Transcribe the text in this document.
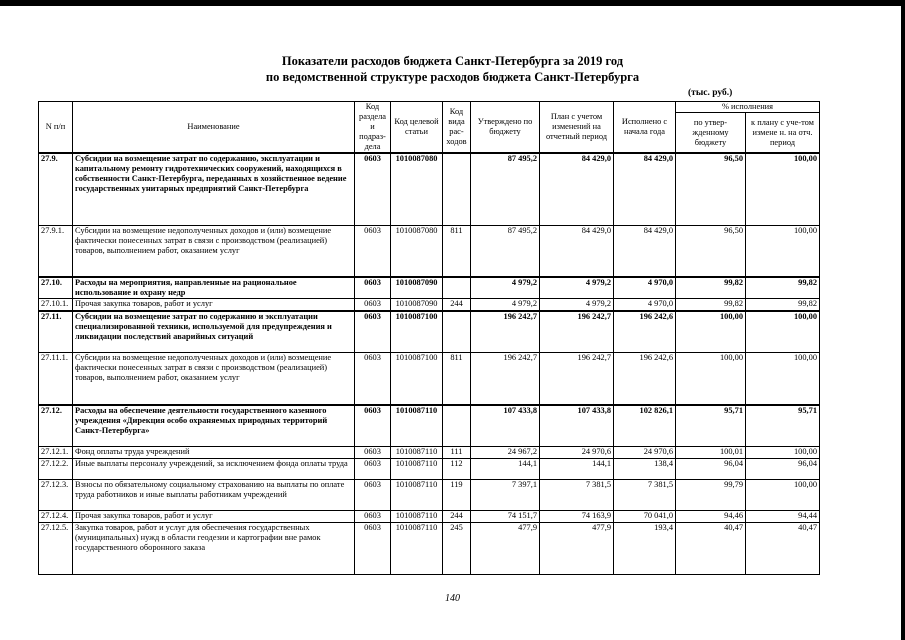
Показатели расходов бюджета Санкт-Петербурга за 2019 год
по ведомственной структуре расходов бюджета Санкт-Петербурга
(тыс. руб.)
N п/п	Наименование	Код раздела и подраз-дела	Код целевой статьи	Код вида рас-ходов	Утверждено по бюджету	План с учетом изменений на отчетный период	Исполнено с начала года	% исполнения	
								по утвер-жденному бюджету	к плану с уче-том измене н. на отч. период
27.9.	Субсидии на возмещение затрат по содержанию, эксплуатации и капитальному ремонту гидротехнических сооружений, находящихся в собственности Санкт-Петербурга, переданных в хозяйственное ведение государственных унитарных предприятий Санкт-Петербурга	0603	1010087080		87 495,2	84 429,0	84 429,0	96,50	100,00
27.9.1.	Субсидии на возмещение недополученных доходов и (или) возмещение фактически понесенных затрат в связи с производством (реализацией) товаров, выполнением работ, оказанием услуг	0603	1010087080	811	87 495,2	84 429,0	84 429,0	96,50	100,00
27.10.	Расходы на мероприятия, направленные на рациональное использование и охрану недр	0603	1010087090		4 979,2	4 979,2	4 970,0	99,82	99,82
27.10.1.	Прочая закупка товаров, работ и услуг	0603	1010087090	244	4 979,2	4 979,2	4 970,0	99,82	99,82
27.11.	Субсидии на возмещение затрат по содержанию и эксплуатации специализированной техники, используемой для предупреждения и ликвидации последствий аварийных ситуаций	0603	1010087100		196 242,7	196 242,7	196 242,6	100,00	100,00
27.11.1.	Субсидии на возмещение недополученных доходов и (или) возмещение фактически понесенных затрат в связи с производством (реализацией) товаров, выполнением работ, оказанием услуг	0603	1010087100	811	196 242,7	196 242,7	196 242,6	100,00	100,00
27.12.	Расходы на обеспечение деятельности государственного казенного учреждения «Дирекция особо охраняемых природных территорий Санкт-Петербурга»	0603	1010087110		107 433,8	107 433,8	102 826,1	95,71	95,71
27.12.1.	Фонд оплаты труда учреждений	0603	1010087110	111	24 967,2	24 970,6	24 970,6	100,01	100,00
27.12.2.	Иные выплаты персоналу учреждений, за исключением фонда оплаты труда	0603	1010087110	112	144,1	144,1	138,4	96,04	96,04
27.12.3.	Взносы по обязательному социальному страхованию на выплаты по оплате труда работников и иные выплаты работникам учреждений	0603	1010087110	119	7 397,1	7 381,5	7 381,5	99,79	100,00
27.12.4.	Прочая закупка товаров, работ и услуг	0603	1010087110	244	74 151,7	74 163,9	70 041,0	94,46	94,44
27.12.5.	Закупка товаров, работ и услуг для обеспечения государственных (муниципальных) нужд в области геодезии и картографии вне рамок государственного оборонного заказа	0603	1010087110	245	477,9	477,9	193,4	40,47	40,47
140
